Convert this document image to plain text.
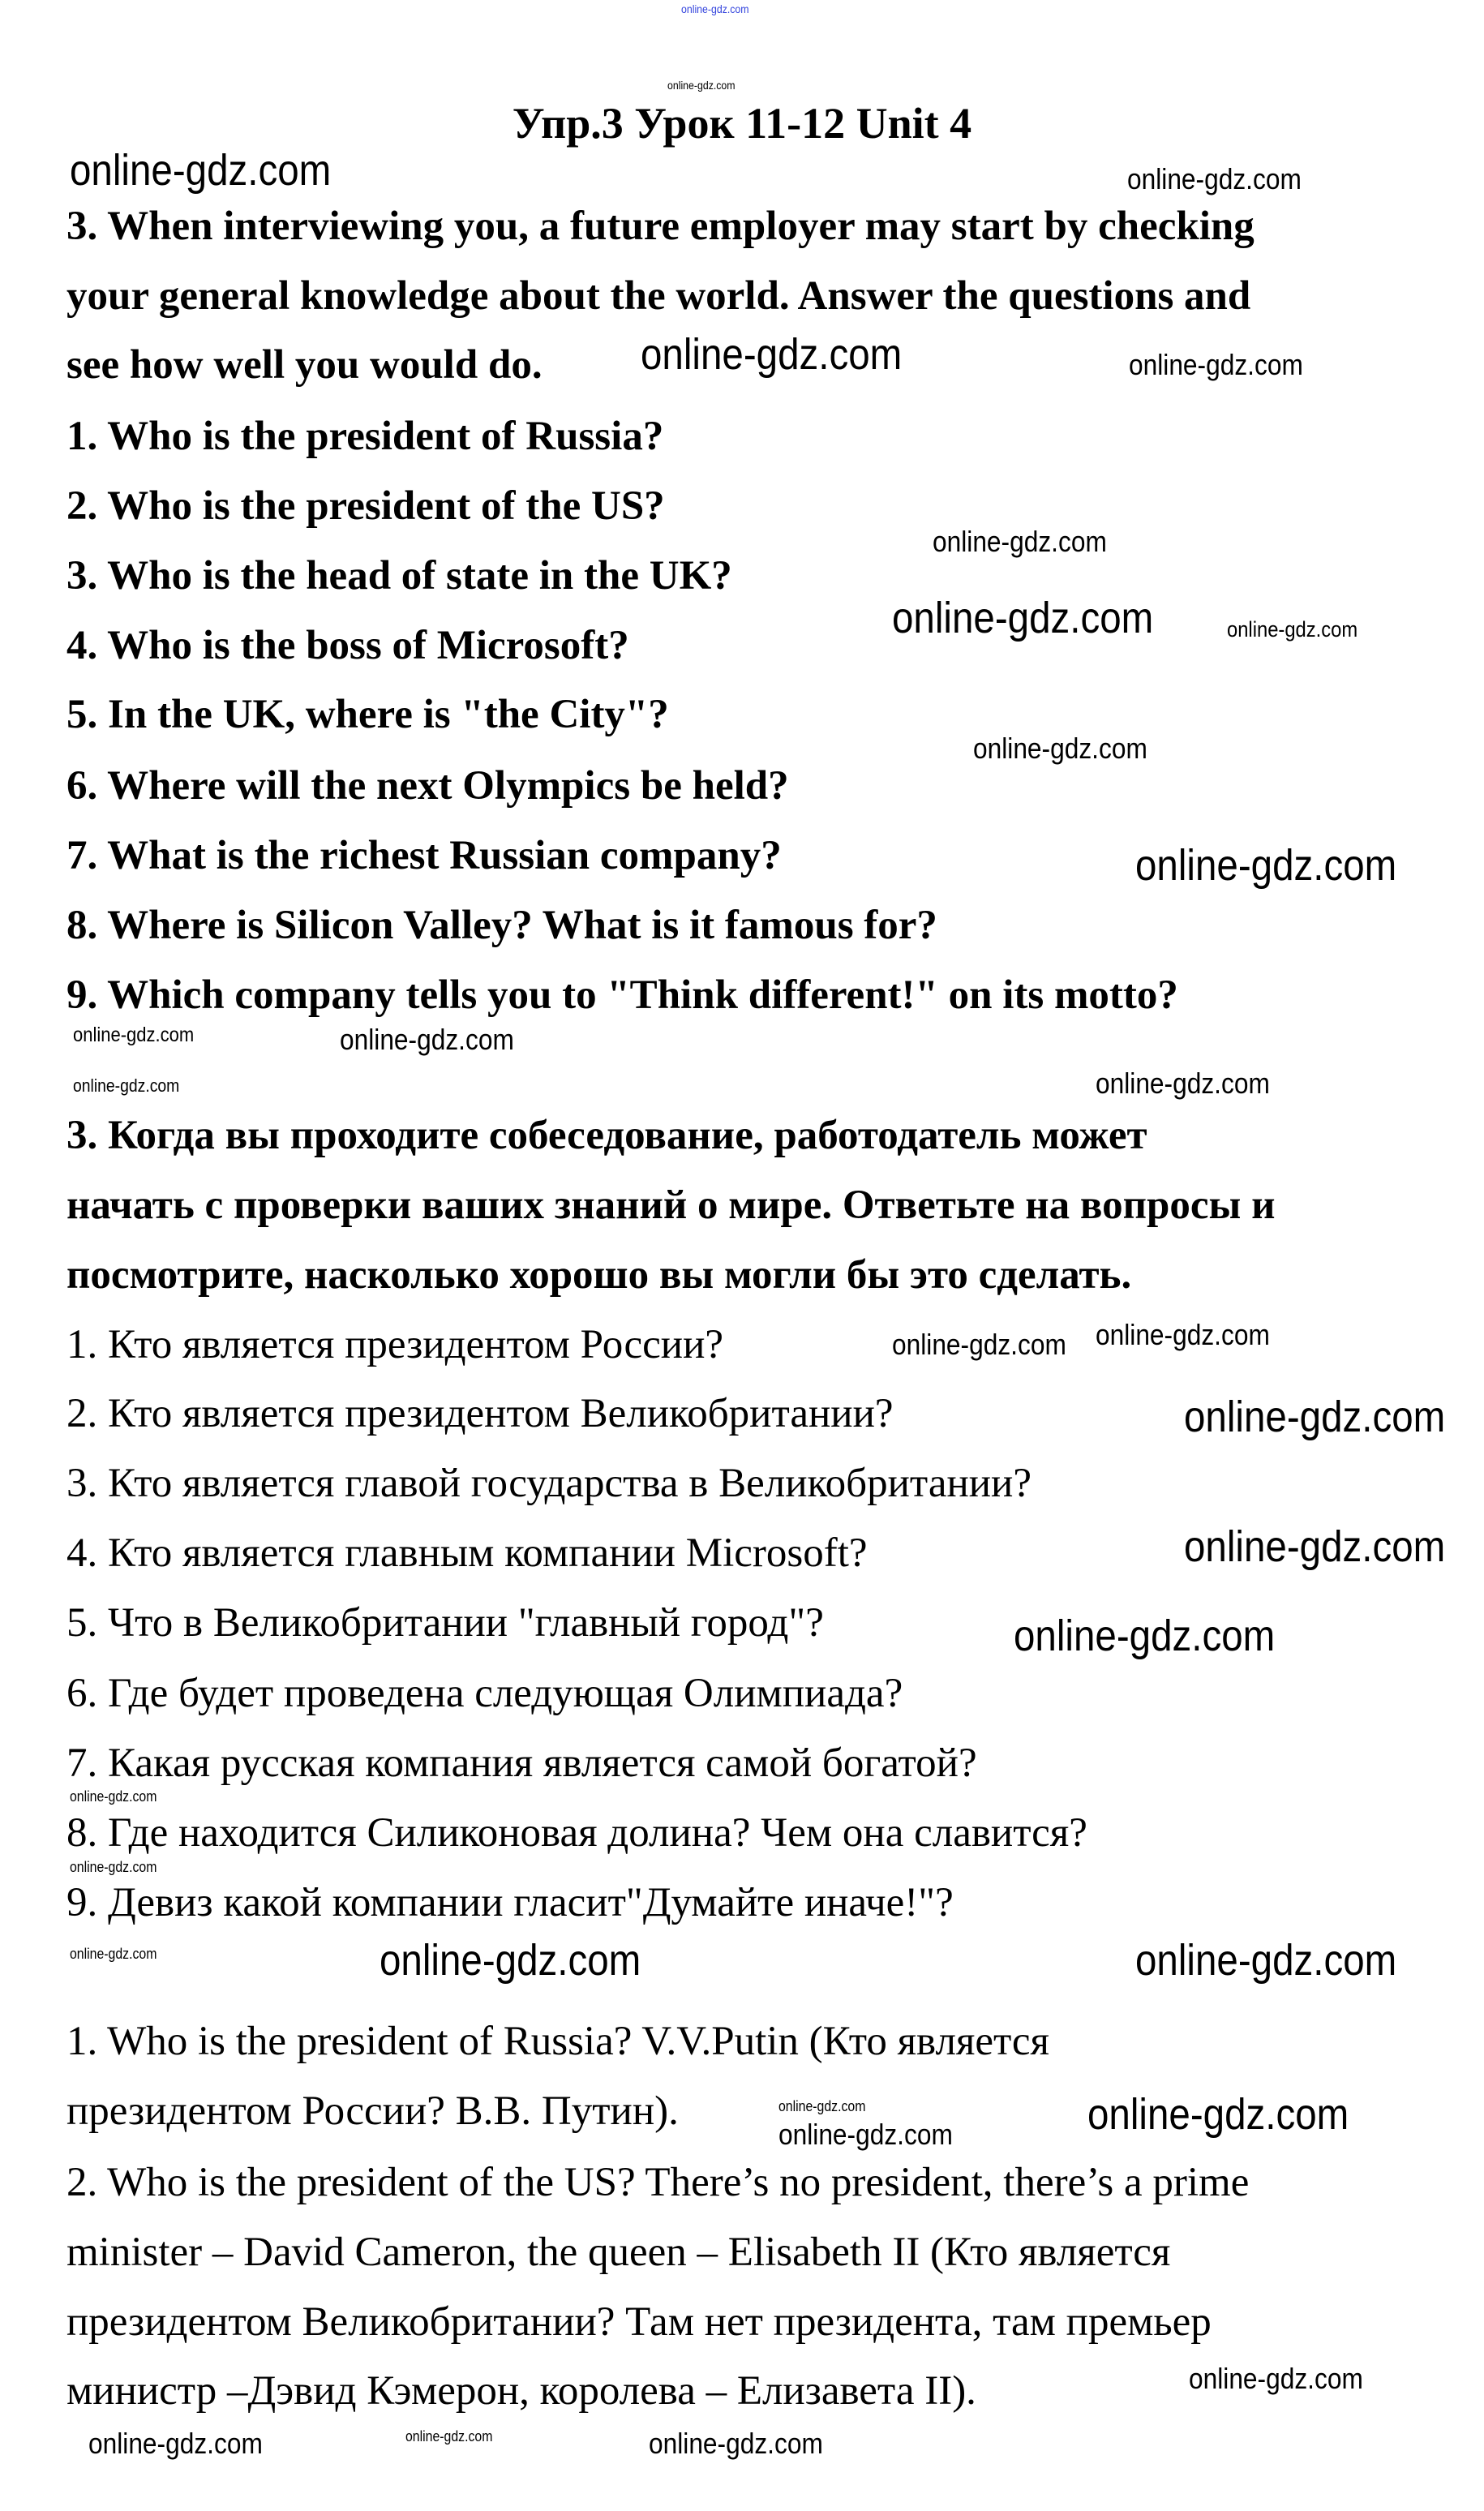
Упр.3 Урок 11-12 Unit 4
3. When interviewing you, a future employer may start by checking
your general knowledge about the world. Answer the questions and
see how well you would do.
1. Who is the president of Russia?
2. Who is the president of the US?
3. Who is the head of state in the UK?
4. Who is the boss of Microsoft?
5. In the UK, where is "the City"?
6. Where will the next Olympics be held?
7. What is the richest Russian company?
8. Where is Silicon Valley? What is it famous for?
9. Which company tells you to "Think different!" on its motto?
3. Когда вы проходите собеседование, работодатель может
начать с проверки ваших знаний о мире. Ответьте на вопросы и
посмотрите, насколько хорошо вы могли бы это сделать.
1. Кто является президентом России?
2. Кто является президентом Великобритании?
3. Кто является главой государства в Великобритании?
4. Кто является главным компании Microsoft?
5. Что в Великобритании "главный город"?
6. Где будет проведена следующая Олимпиада?
7. Какая русская компания является самой богатой?
8. Где находится Силиконовая долина? Чем она славится?
9. Девиз какой компании гласит"Думайте иначе!"?
1. Who is the president of Russia? V.V.Putin (Кто является
президентом России? В.В. Путин).
2. Who is the president of the US? There’s no president, there’s a prime
minister – David Cameron, the queen – Elisabeth II (Кто является
президентом Великобритании? Там нет президента, там премьер
министр –Дэвид Кэмерон, королева – Елизавета II).
online-gdz.com
online-gdz.com
online-gdz.com	online-gdz.com
online-gdz.com	online-gdz.com
online-gdz.com
online-gdz.com	online-gdz.com
online-gdz.com
online-gdz.com
online-gdz.com	online-gdz.com
online-gdz.com	online-gdz.com
online-gdz.com
online-gdz.com
online-gdz.com
online-gdz.com
online-gdz.com
online-gdz.com
online-gdz.com
online-gdz.com	online-gdz.com
online-gdz.com
online-gdz.com	online-gdz.com
online-gdz.com
online-gdz.com	online-gdz.com	online-gdz.com
online-gdz.com
